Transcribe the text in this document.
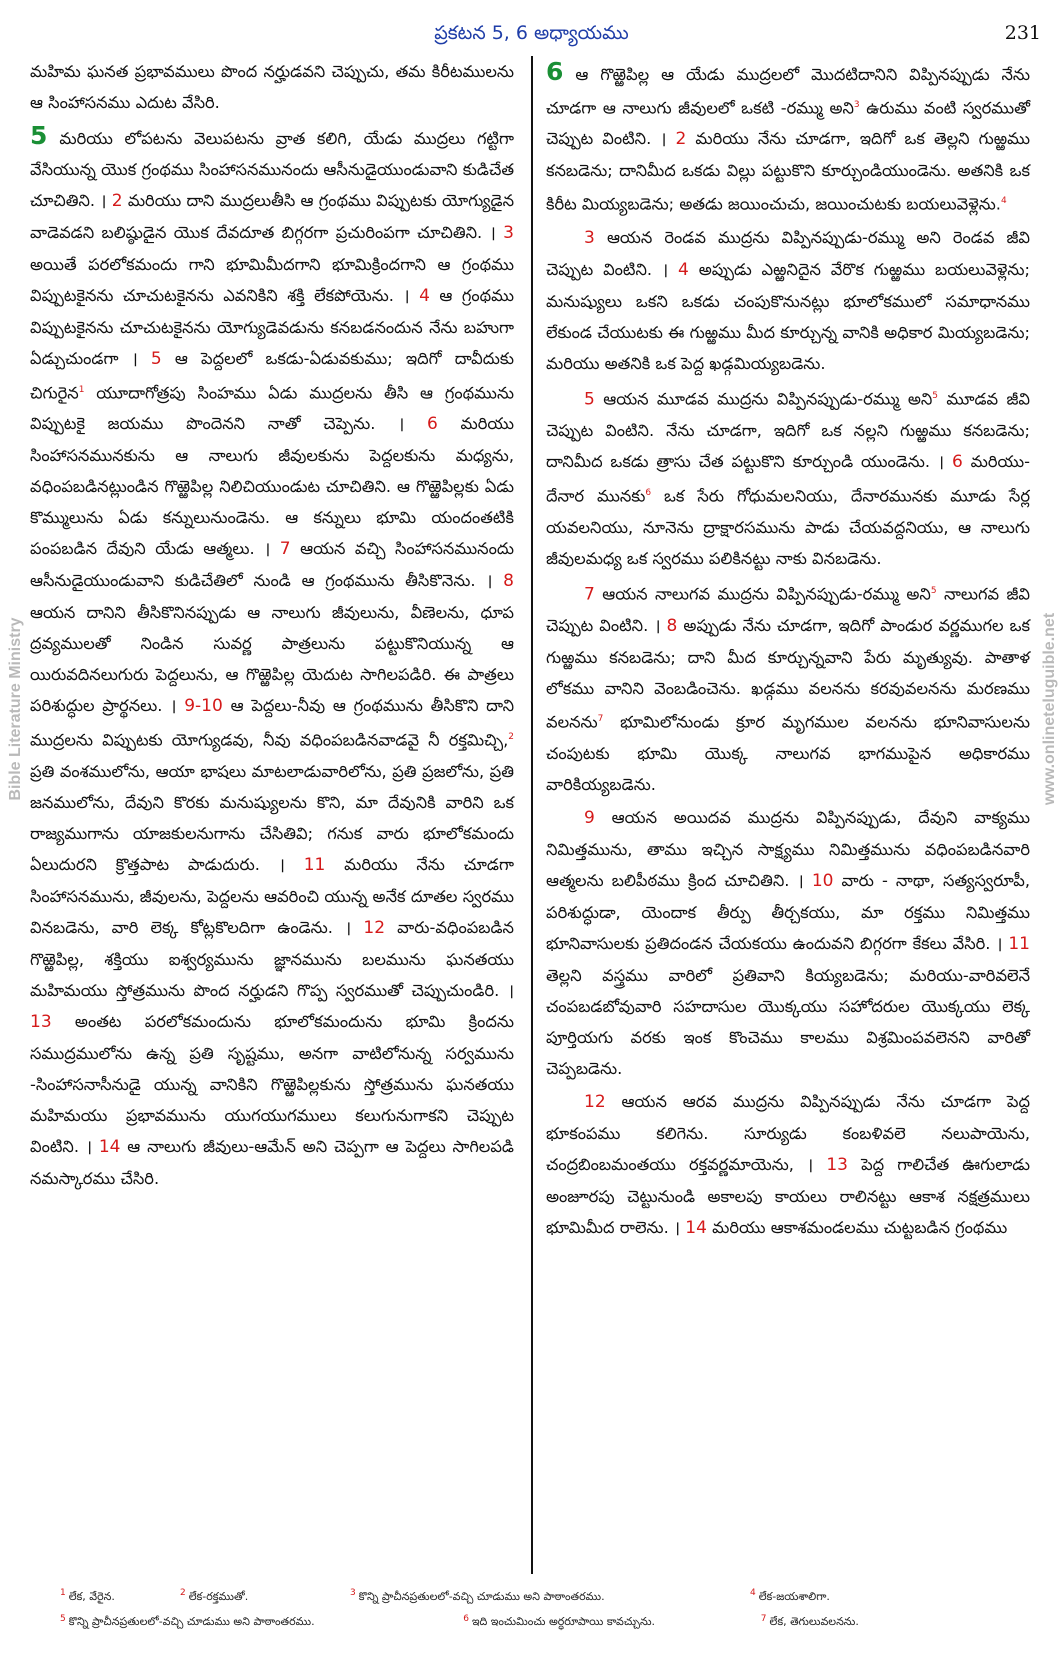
ప్రకటన 5, 6 అధ్యాయము	231
Bible Literature Ministry	www.onlineteluguible.net

మహిమ ఘనత ప్రభావములు పొంద నర్హుడవని చెప్పుచు, తమ కిరీటములను ఆ సింహాసనము ఎదుట వేసిరి.

5 మరియు లోపటను వెలుపటను వ్రాత కలిగి, యేడు ముద్రలు గట్టిగా వేసియున్న యొక గ్రంథము సింహాసనమునందు ఆసీనుడైయుండువాని కుడిచేత చూచితిని. । 2 మరియు దాని ముద్రలుతీసి ఆ గ్రంథము విప్పుటకు యోగ్యుడైన వాడెవడని బలిష్ఠుడైన యొక దేవదూత బిగ్గరగా ప్రచురింపగా చూచితిని. । 3 అయితే పరలోకమందు గాని భూమిమీదగాని భూమిక్రిందగాని ఆ గ్రంథము విప్పుటకైనను చూచుటకైనను ఎవనికిని శక్తి లేకపోయెను. । 4 ఆ గ్రంథము విప్పుటకైనను చూచుటకైనను యోగ్యుడెవడును కనబడనందున నేను బహుగా ఏడ్చుచుండగా । 5 ఆ పెద్దలలో ఒకడు-ఏడువకుము; ఇదిగో దావీదుకు చిగురైన$^1$ యూదాగోత్రపు సింహము ఏడు ముద్రలను తీసి ఆ గ్రంథమును విప్పుటకై జయము పొందెనని నాతో చెప్పెను. । 6 మరియు సింహాసనమునకును ఆ నాలుగు జీవులకును పెద్దలకును మధ్యను, వధింపబడినట్లుండిన గొఱ్ఱెపిల్ల నిలిచియుండుట చూచితిని. ఆ గొఱ్ఱెపిల్లకు ఏడు కొమ్ములును ఏడు కన్నులునుండెను. ఆ కన్నులు భూమి యందంతటికి పంపబడిన దేవుని యేడు ఆత్మలు. । 7 ఆయన వచ్చి సింహాసనమునందు ఆసీనుడైయుండువాని కుడిచేతిలో నుండి ఆ గ్రంథమును తీసికొనెను. । 8 ఆయన దానిని తీసికొనినప్పుడు ఆ నాలుగు జీవులును, వీణెలను, ధూప ద్రవ్యములతో నిండిన సువర్ణ పాత్రలును పట్టుకొనియున్న ఆ యిరువదినలుగురు పెద్దలును, ఆ గొఱ్ఱెపిల్ల యెదుట సాగిలపడిరి. ఈ పాత్రలు పరిశుద్ధుల ప్రార్థనలు. । 9-10 ఆ పెద్దలు-నీవు ఆ గ్రంథమును తీసికొని దాని ముద్రలను విప్పుటకు యోగ్యుడవు, నీవు వధింపబడినవాడవై నీ రక్తమిచ్చి,$^2$ ప్రతి వంశములోను, ఆయా భాషలు మాటలాడువారిలోను, ప్రతి ప్రజలోను, ప్రతి జనములోను, దేవుని కొరకు మనుష్యులను కొని, మా దేవునికి వారిని ఒక రాజ్యముగాను యాజకులనుగాను చేసితివి; గనుక వారు భూలోకమందు ఏలుదురని క్రొత్తపాట పాడుదురు. । 11 మరియు నేను చూడగా సింహాసనమును, జీవులను, పెద్దలను ఆవరించి యున్న అనేక దూతల స్వరము వినబడెను, వారి లెక్క కోట్లకొలదిగా ఉండెను. । 12 వారు-వధింపబడిన గొఱ్ఱెపిల్ల, శక్తియు ఐశ్వర్యమును జ్ఞానమును బలమును ఘనతయు మహిమయు స్తోత్రమును పొంద నర్హుడని గొప్ప స్వరముతో చెప్పుచుండిరి. । 13 అంతట పరలోకమందును భూలోకమందును భూమి క్రిందను సముద్రములోను ఉన్న ప్రతి సృష్టము, అనగా వాటిలోనున్న సర్వమును -సింహాసనాసీనుడై యున్న వానికిని గొఱ్ఱెపిల్లకును స్తోత్రమును ఘనతయు మహిమయు ప్రభావమును యుగయుగములు కలుగునుగాకని చెప్పుట వింటిని. । 14 ఆ నాలుగు జీవులు-ఆమేన్ అని చెప్పగా ఆ పెద్దలు సాగిలపడి నమస్కారము చేసిరి.

6 ఆ గొఱ్ఱెపిల్ల ఆ యేడు ముద్రలలో మొదటిదానిని విప్పినప్పుడు నేను చూడగా ఆ నాలుగు జీవులలో ఒకటి -రమ్ము అని$^3$ ఉరుము వంటి స్వరముతో చెప్పుట వింటిని. । 2 మరియు నేను చూడగా, ఇదిగో ఒక తెల్లని గుఱ్ఱము కనబడెను; దానిమీద ఒకడు విల్లు పట్టుకొని కూర్చుండియుండెను. అతనికి ఒక కిరీట మియ్యబడెను; అతడు జయించుచు, జయించుటకు బయలువెళ్లెను.$^4$

3 ఆయన రెండవ ముద్రను విప్పినప్పుడు-రమ్ము అని రెండవ జీవి చెప్పుట వింటిని. । 4 అప్పుడు ఎఱ్ఱనిదైన వేరొక గుఱ్ఱము బయలువెళ్లెను; మనుష్యులు ఒకని ఒకడు చంపుకొనునట్లు భూలోకములో సమాధానము లేకుండ చేయుటకు ఈ గుఱ్ఱము మీద కూర్చున్న వానికి అధికార మియ్యబడెను; మరియు అతనికి ఒక పెద్ద ఖడ్గమియ్యబడెను.

5 ఆయన మూడవ ముద్రను విప్పినప్పుడు-రమ్ము అని$^5$ మూడవ జీవి చెప్పుట వింటిని. నేను చూడగా, ఇదిగో ఒక నల్లని గుఱ్ఱము కనబడెను; దానిమీద ఒకడు త్రాసు చేత పట్టుకొని కూర్చుండి యుండెను. । 6 మరియు-దేనార మునకు$^6$ ఒక సేరు గోధుమలనియు, దేనారమునకు మూడు సేర్ల యవలనియు, నూనెను ద్రాక్షారసమును పాడు చేయవద్దనియు, ఆ నాలుగు జీవులమధ్య ఒక స్వరము పలికినట్టు నాకు వినబడెను.

7 ఆయన నాలుగవ ముద్రను విప్పినప్పుడు-రమ్ము అని$^5$ నాలుగవ జీవి చెప్పుట వింటిని. । 8 అప్పుడు నేను చూడగా, ఇదిగో పాండుర వర్ణముగల ఒక గుఱ్ఱము కనబడెను; దాని మీద కూర్చున్నవాని పేరు మృత్యువు. పాతాళ లోకము వానిని వెంబడించెను. ఖడ్గము వలనను కరవువలనను మరణము వలనను$^7$ భూమిలోనుండు క్రూర మృగముల వలనను భూనివాసులను చంపుటకు భూమి యొక్క నాలుగవ భాగముపైన అధికారము వారికియ్యబడెను.

9 ఆయన అయిదవ ముద్రను విప్పినప్పుడు, దేవుని వాక్యము నిమిత్తమును, తాము ఇచ్చిన సాక్ష్యము నిమిత్తమును వధింపబడినవారి ఆత్మలను బలిపీఠము క్రింద చూచితిని. । 10 వారు - నాథా, సత్యస్వరూపీ, పరిశుద్ధుడా, యెందాక తీర్పు తీర్చకయు, మా రక్తము నిమిత్తము భూనివాసులకు ప్రతిదండన చేయకయు ఉందువని బిగ్గరగా కేకలు వేసిరి. । 11 తెల్లని వస్త్రము వారిలో ప్రతివాని కియ్యబడెను; మరియు-వారివలెనే చంపబడబోవువారి సహదాసుల యొక్కయు సహోదరుల యొక్కయు లెక్క పూర్తియగు వరకు ఇంక కొంచెము కాలము విశ్రమింపవలెనని వారితో చెప్పబడెను.

12 ఆయన ఆరవ ముద్రను విప్పినప్పుడు నేను చూడగా పెద్ద భూకంపము కలిగెను. సూర్యుడు కంబళివలె నలుపాయెను, చంద్రబింబమంతయు రక్తవర్ణమాయెను, । 13 పెద్ద గాలిచేత ఊగులాడు అంజూరపు చెట్టునుండి అకాలపు కాయలు రాలినట్టు ఆకాశ నక్షత్రములు భూమిమీద రాలెను. । 14 మరియు ఆకాశమండలము చుట్టబడిన గ్రంథము

1 లేక, వేరైన.	2 లేక-రక్తముతో.	3 కొన్ని ప్రాచీనప్రతులలో-వచ్చి చూడుము అని పాఠాంతరము.	4 లేక-జయశాలిగా.
5 కొన్ని ప్రాచీనప్రతులలో-వచ్చి చూడుము అని పాఠాంతరము.	6 ఇది ఇంచుమించు అర్ధరూపాయి కావచ్చును.	7 లేక, తెగులువలనను.
